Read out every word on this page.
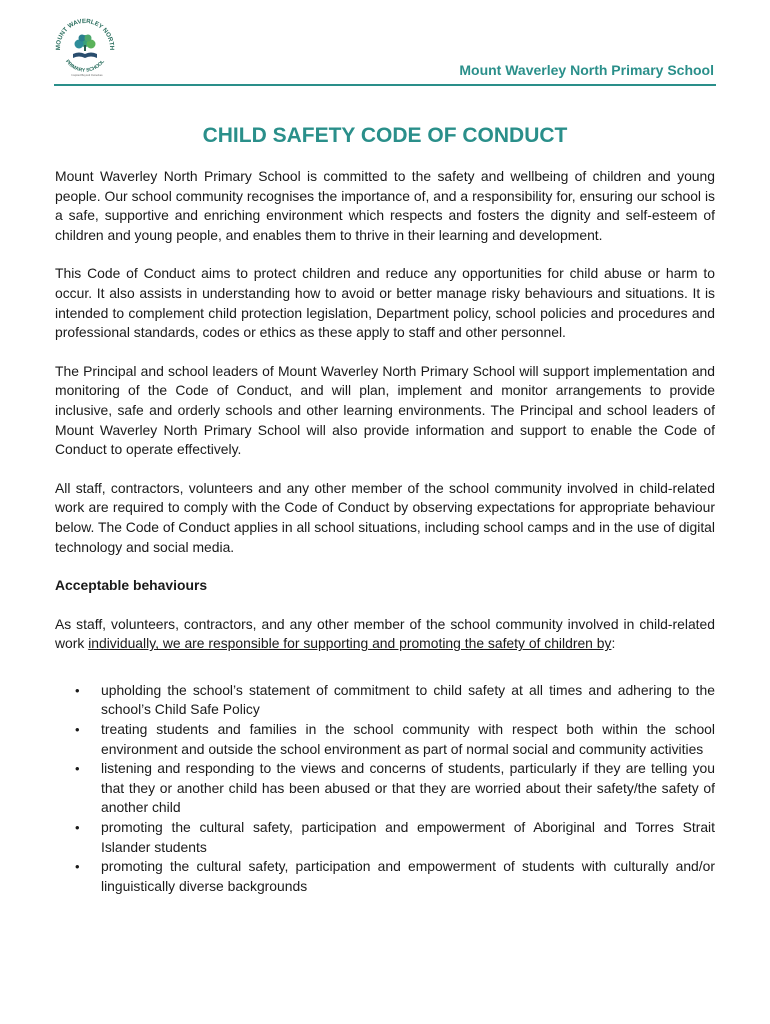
MOUNT WAVERLEY NORTH
PRIMARY SCHOOL
Inspired Beyond Ourselves	Mount Waverley North Primary School
CHILD SAFETY CODE OF CONDUCT

Mount Waverley North Primary School is committed to the safety and wellbeing of children and young people. Our school community recognises the importance of, and a responsibility for, ensuring our school is a safe, supportive and enriching environment which respects and fosters the dignity and self-esteem of children and young people, and enables them to thrive in their learning and development.

This Code of Conduct aims to protect children and reduce any opportunities for child abuse or harm to occur. It also assists in understanding how to avoid or better manage risky behaviours and situations. It is intended to complement child protection legislation, Department policy, school policies and procedures and professional standards, codes or ethics as these apply to staff and other personnel.

The Principal and school leaders of Mount Waverley North Primary School will support implementation and monitoring of the Code of Conduct, and will plan, implement and monitor arrangements to provide inclusive, safe and orderly schools and other learning environments. The Principal and school leaders of Mount Waverley North Primary School will also provide information and support to enable the Code of Conduct to operate effectively.

All staff, contractors, volunteers and any other member of the school community involved in child-related work are required to comply with the Code of Conduct by observing expectations for appropriate behaviour below. The Code of Conduct applies in all school situations, including school camps and in the use of digital technology and social media.

Acceptable behaviours

As staff, volunteers, contractors, and any other member of the school community involved in child-related work individually, we are responsible for supporting and promoting the safety of children by:

• upholding the school’s statement of commitment to child safety at all times and adhering to the school’s Child Safe Policy
• treating students and families in the school community with respect both within the school environment and outside the school environment as part of normal social and community activities
• listening and responding to the views and concerns of students, particularly if they are telling you that they or another child has been abused or that they are worried about their safety/the safety of another child
• promoting the cultural safety, participation and empowerment of Aboriginal and Torres Strait Islander students
• promoting the cultural safety, participation and empowerment of students with culturally and/or linguistically diverse backgrounds
